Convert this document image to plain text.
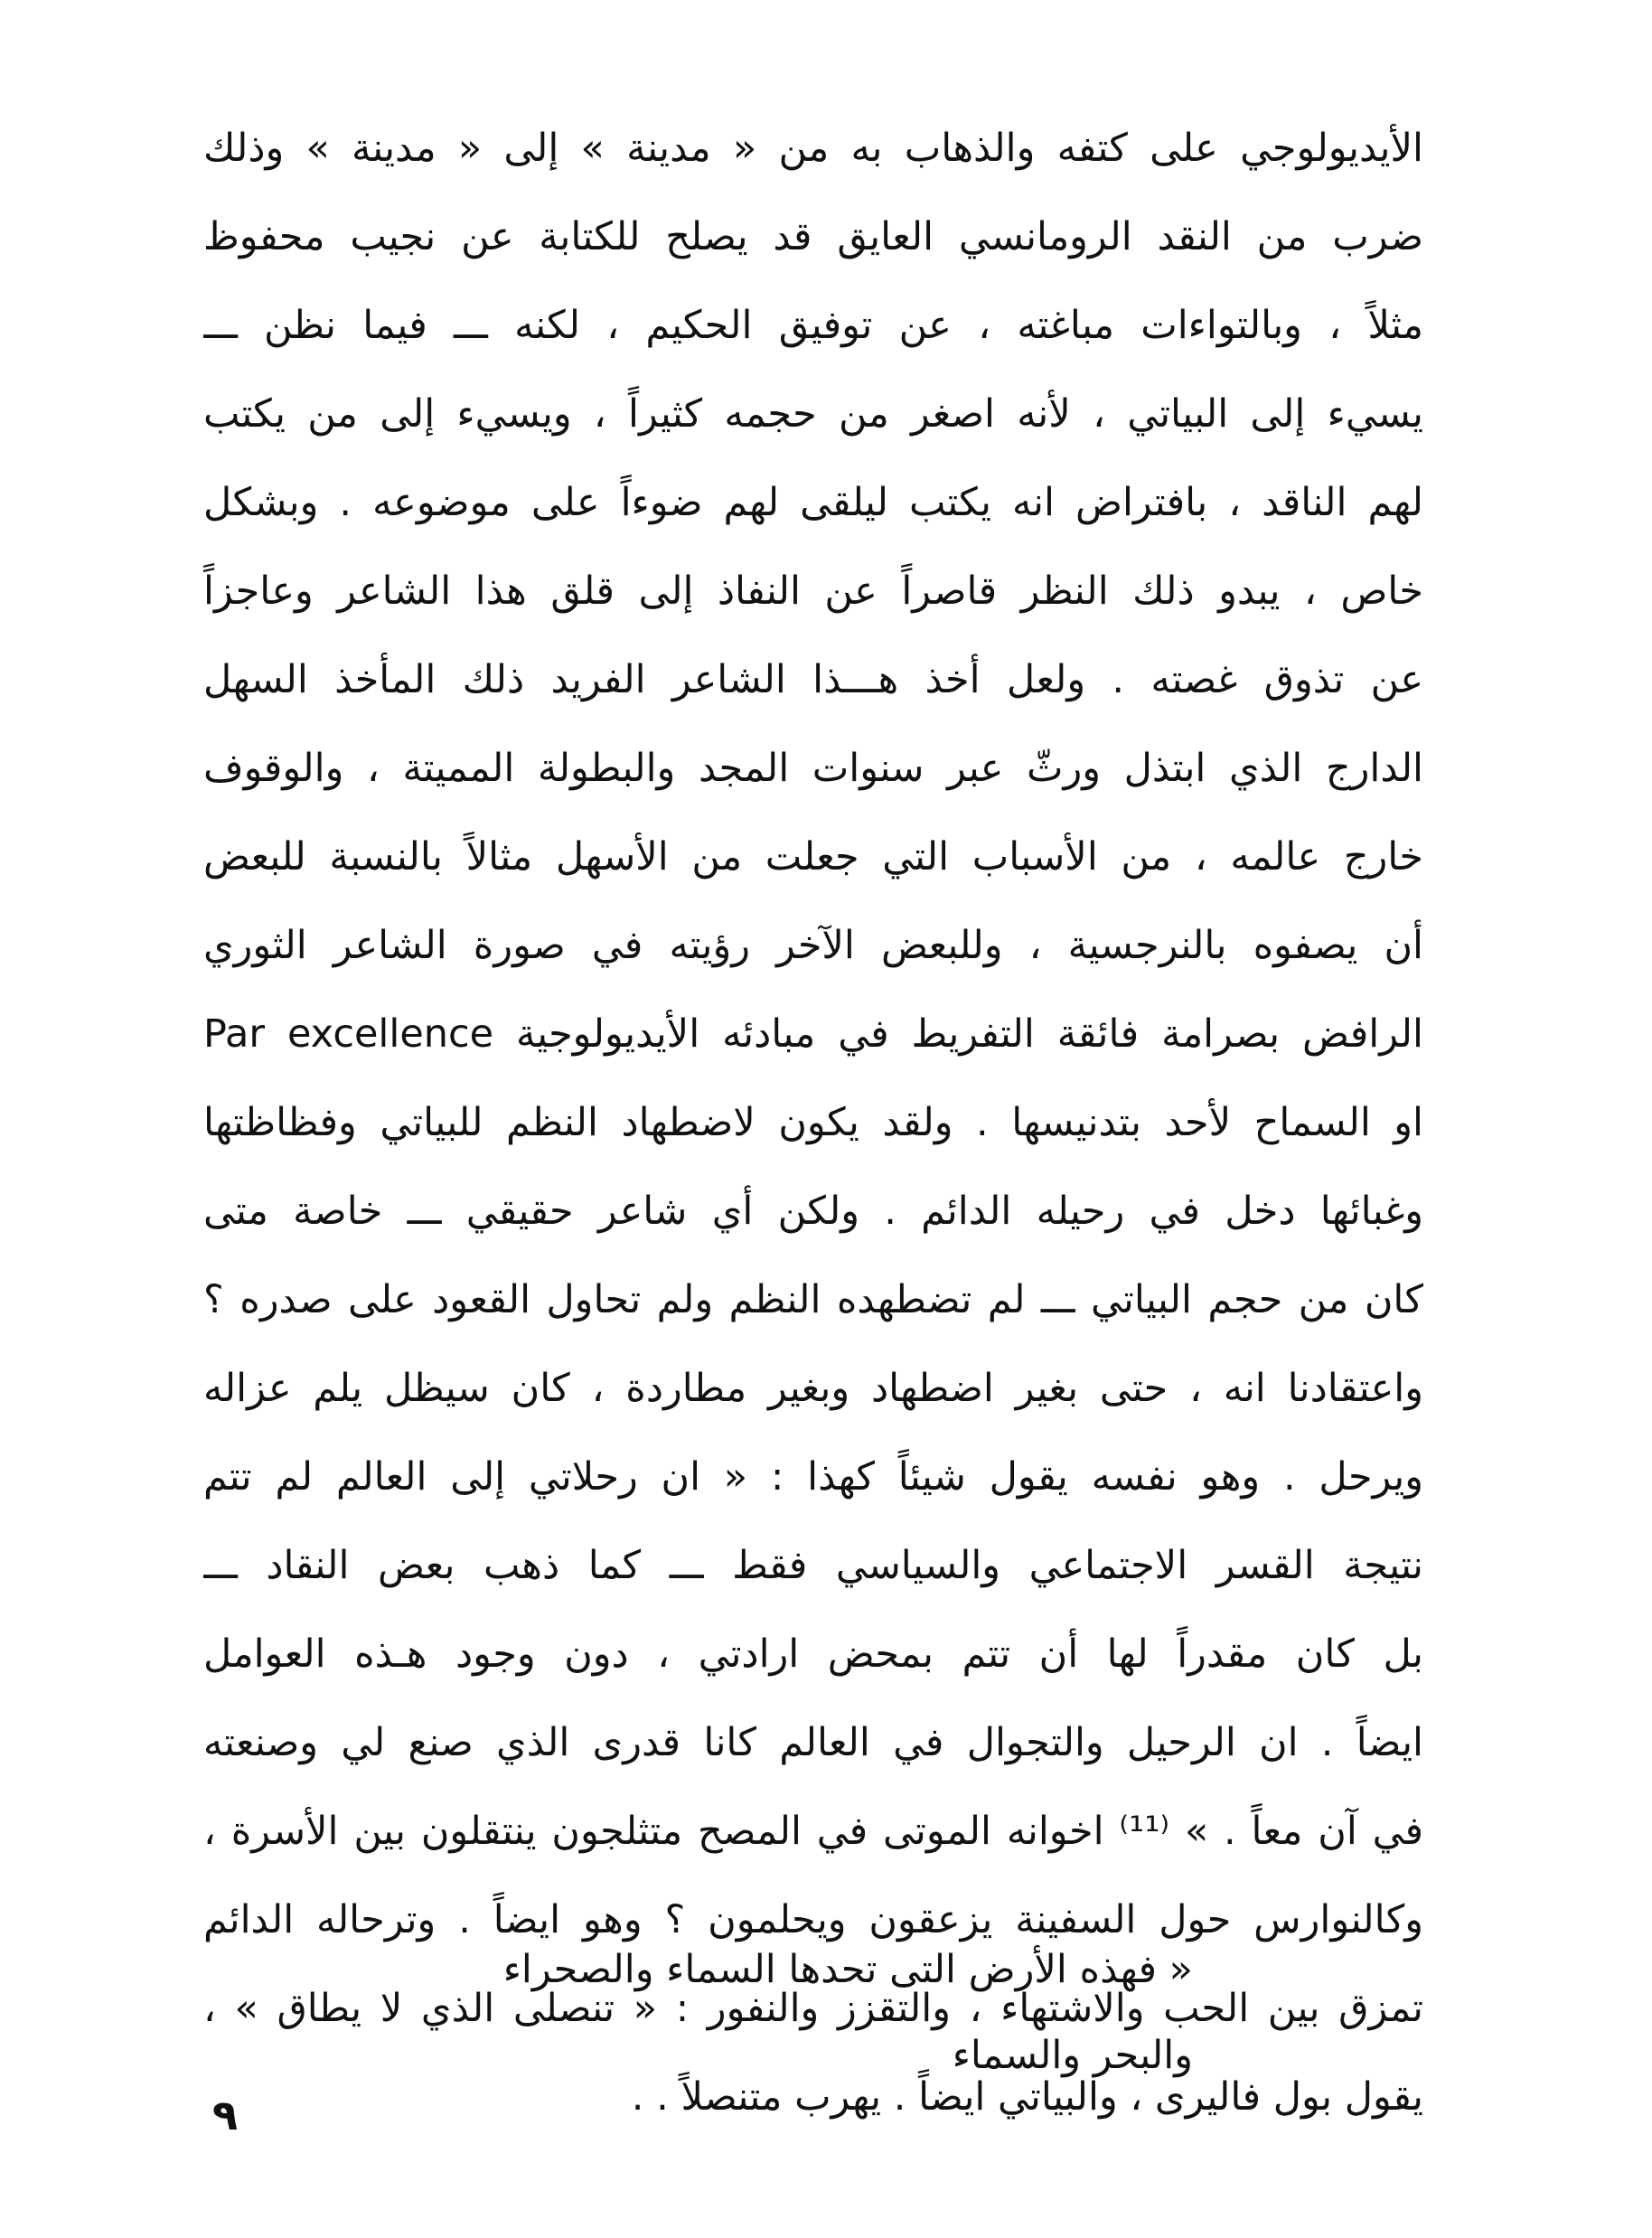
الأيديولوجي على كتفه والذهاب به من « مدينة » إلى « مدينة » وذلك
ضرب من النقد الرومانسي العايق قد يصلح للكتابة عن نجيب محفوظ
مثلاً ، وبالتواءات مباغته ، عن توفيق الحكيم ، لكنه ـــ فيما نظن ـــ
يسيء إلى البياتي ، لأنه اصغر من حجمه كثيراً ، ويسيء إلى من يكتب
لهم الناقد ، بافتراض انه يكتب ليلقى لهم ضوءاً على موضوعه . وبشكل
خاص ، يبدو ذلك النظر قاصراً عن النفاذ إلى قلق هذا الشاعر وعاجزاً
عن تذوق غصته . ولعل أخذ هـــذا الشاعر الفريد ذلك المأخذ السهل
الدارج الذي ابتذل ورثّ عبر سنوات المجد والبطولة المميتة ، والوقوف
خارج عالمه ، من الأسباب التي جعلت من الأسهل مثالاً بالنسبة للبعض
أن يصفوه بالنرجسية ، وللبعض الآخر رؤيته في صورة الشاعر الثوري
الرافض بصرامة فائقة التفريط في مبادئه الأيديولوجية Par excellence
او السماح لأحد بتدنيسها . ولقد يكون لاضطهاد النظم للبياتي وفظاظتها
وغبائها دخل في رحيله الدائم . ولكن أي شاعر حقيقي ـــ خاصة متى
كان من حجم البياتي ـــ لم تضطهده النظم ولم تحاول القعود على صدره ؟
واعتقادنا انه ، حتى بغير اضطهاد وبغير مطاردة ، كان سيظل يلم عزاله
ويرحل . وهو نفسه يقول شيئاً كهذا : « ان رحلاتي إلى العالم لم تتم
نتيجة القسر الاجتماعي والسياسي فقط ـــ كما ذهب بعض النقاد ـــ
بل كان مقدراً لها أن تتم بمحض ارادتي ، دون وجود هـذه العوامل
ايضاً . ان الرحيل والتجوال في العالم كانا قدرى الذي صنع لي وصنعته
في آن معاً . » ⁽¹¹⁾ اخوانه الموتى في المصح متثلجون ينتقلون بين الأسرة ،
وكالنوارس حول السفينة يزعقون ويحلمون ؟ وهو ايضاً . وترحاله الدائم
تمزق بين الحب والاشتهاء ، والتقزز والنفور : « تنصلى الذي لا يطاق » ،
يقول بول فاليرى ، والبياتي ايضاً . يهرب متنصلاً . .
« فهذه الأرض التى تحدها السماء والصحراء
والبحر والسماء
٩
